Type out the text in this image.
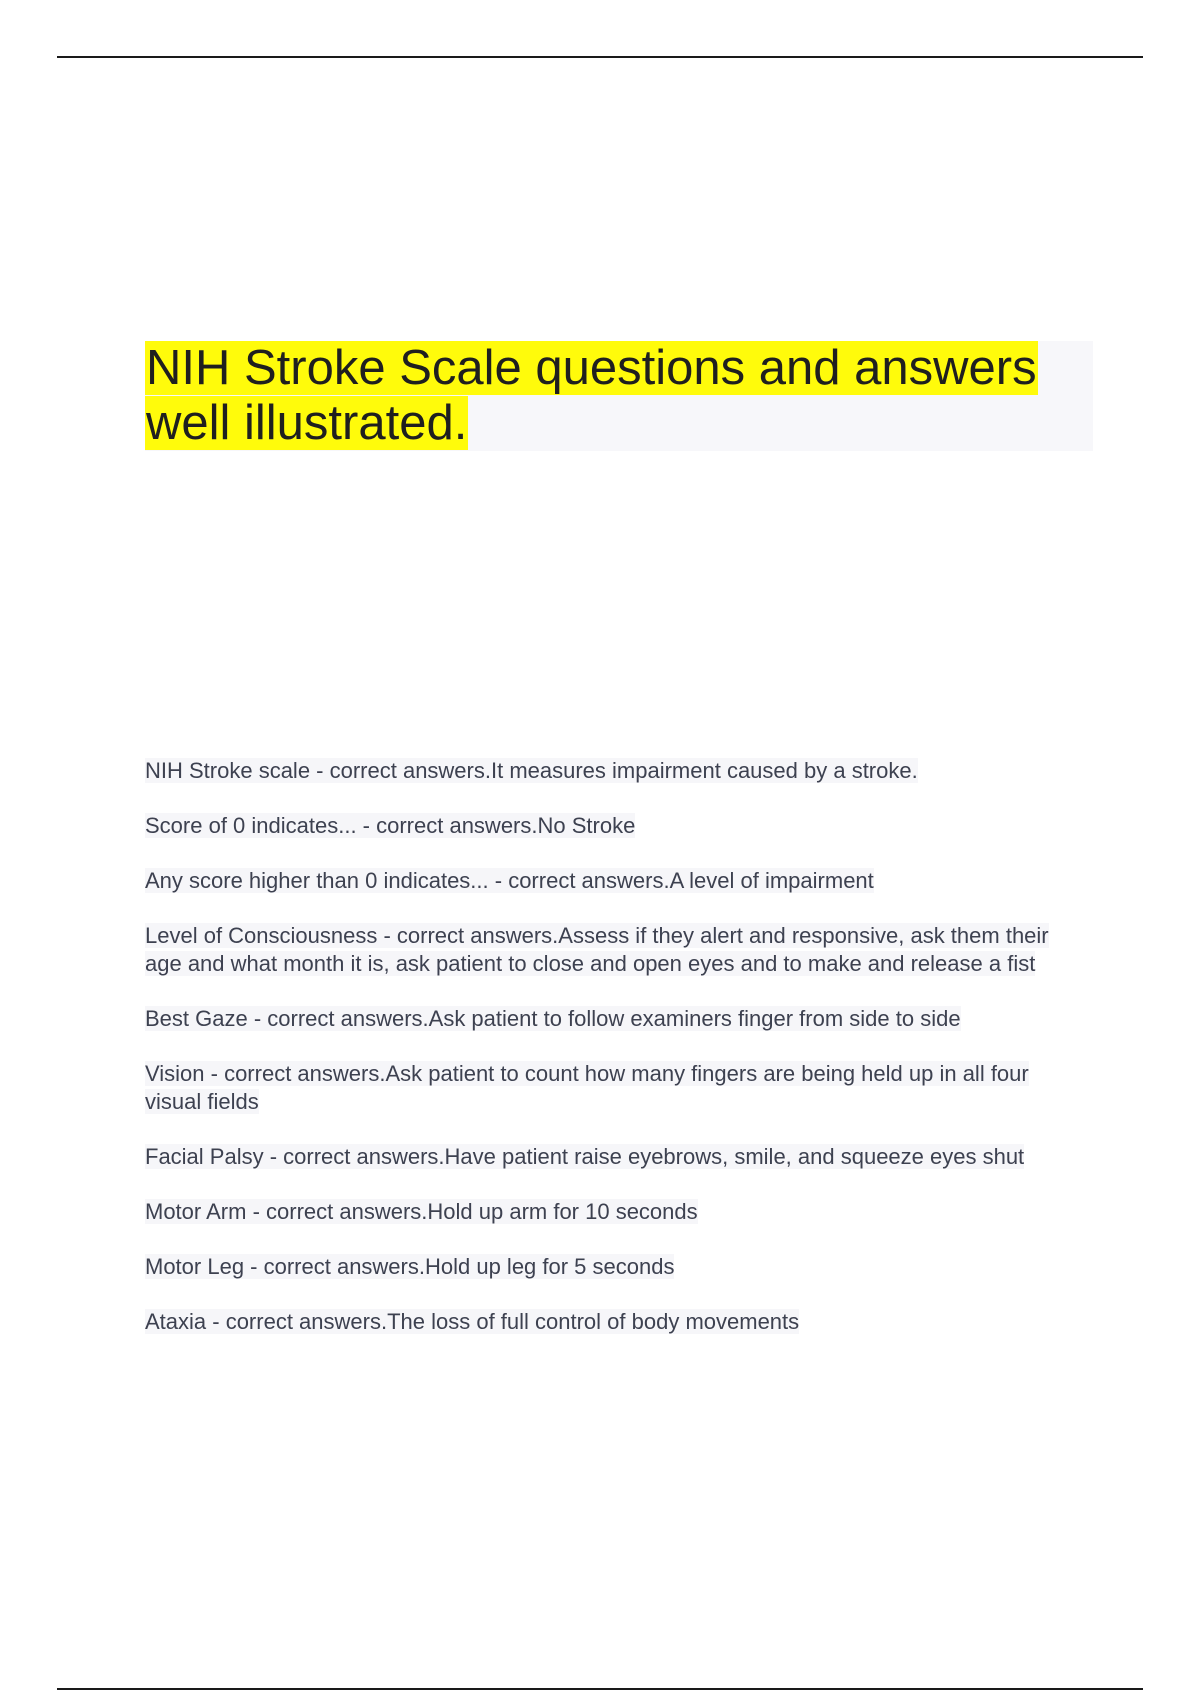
NIH Stroke Scale questions and answers
well illustrated.
NIH Stroke scale - correct answers.It measures impairment caused by a stroke.
Score of 0 indicates... - correct answers.No Stroke
Any score higher than 0 indicates... - correct answers.A level of impairment
Level of Consciousness - correct answers.Assess if they alert and responsive, ask them their age and what month it is, ask patient to close and open eyes and to make and release a fist
Best Gaze - correct answers.Ask patient to follow examiners finger from side to side
Vision - correct answers.Ask patient to count how many fingers are being held up in all four visual fields
Facial Palsy - correct answers.Have patient raise eyebrows, smile, and squeeze eyes shut
Motor Arm - correct answers.Hold up arm for 10 seconds
Motor Leg - correct answers.Hold up leg for 5 seconds
Ataxia - correct answers.The loss of full control of body movements
